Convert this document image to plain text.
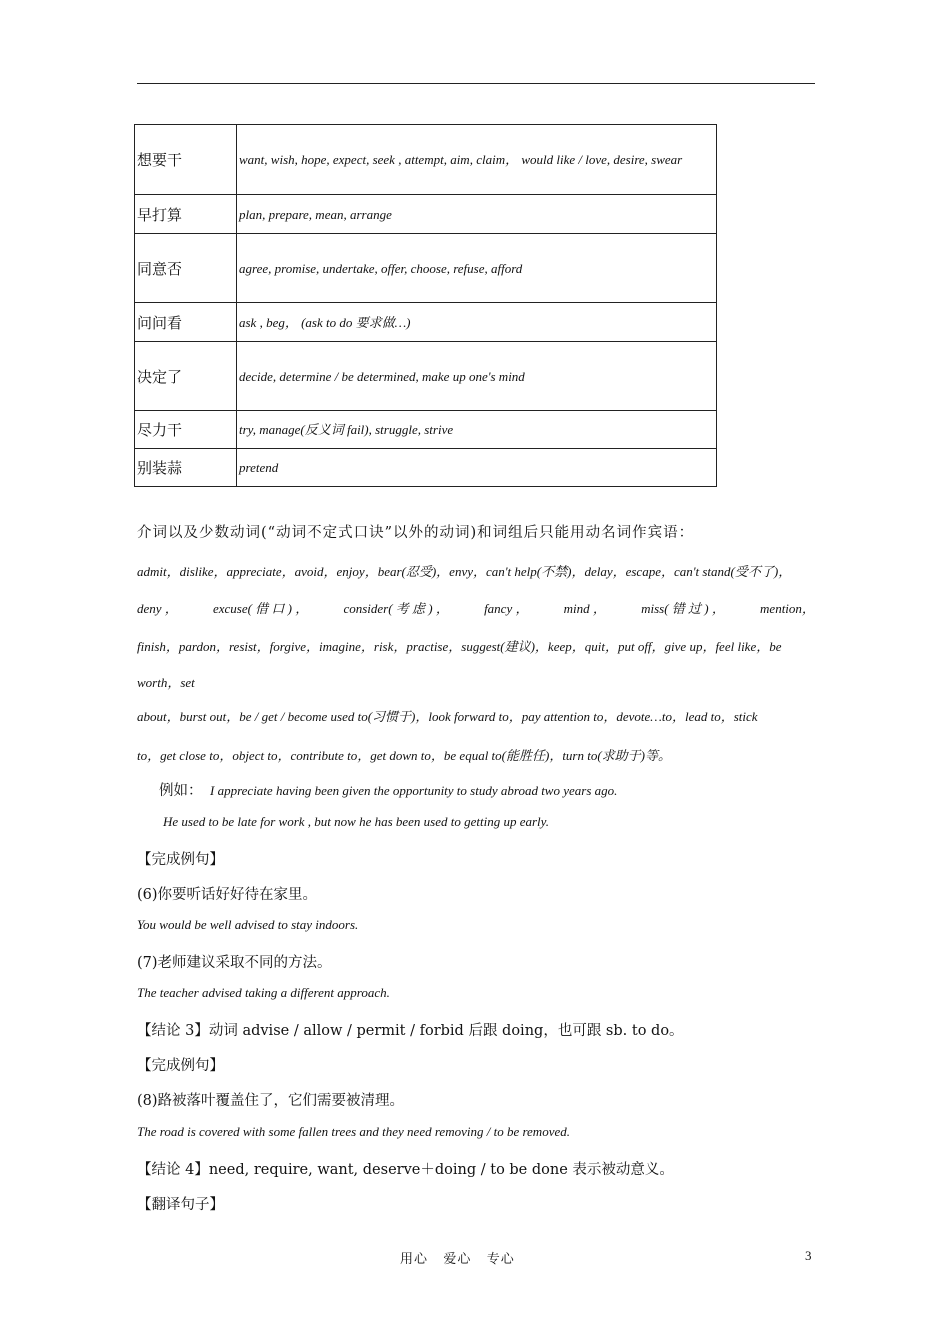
想要干	want, wish, hope, expect, seek , attempt, aim, claim， would like / love, desire, swear
早打算	plan, prepare, mean, arrange
同意否	agree, promise, undertake, offer, choose, refuse, afford
问问看	ask , beg， (ask to do 要求做…)
决定了	decide, determine / be determined, make up one's mind
尽力干	try, manage(反义词 fail), struggle, strive
别装蒜	pretend
介词以及少数动词(“动词不定式口诀”以外的动词)和词组后只能用动名词作宾语：
admit，dislike，appreciate，avoid，enjoy，bear(忍受)，envy，can't help(不禁)，delay，escape，can't stand(受不了)，
deny ，	excuse( 借 口 ) ，	consider( 考 虑 ) ，	fancy ，	mind ，	miss( 错 过 ) ，	mention，
finish，pardon，resist，forgive，imagine，risk，practise，suggest(建议)，keep，quit，put off，give up，feel like，be
worth，set
about，burst out，be / get / become used to(习惯于)，look forward to，pay attention to，devote…to，lead to，stick
to，get close to，object to，contribute to，get down to，be equal to(能胜任)，turn to(求助于)等。
例如： I appreciate having been given the opportunity to study abroad two years ago.
He used to be late for work , but now he has been used to getting up early.
【完成例句】
(6)你要听话好好待在家里。
You would be well advised to stay indoors.
(7)老师建议采取不同的方法。
The teacher advised taking a different approach.
【结论 3】动词 advise / allow / permit / forbid 后跟 doing，也可跟 sb. to do。
【完成例句】
(8)路被落叶覆盖住了，它们需要被清理。
The road is covered with some fallen trees and they need removing / to be removed.
【结论 4】need, require, want, deserve＋doing / to be done 表示被动意义。
【翻译句子】
用心   爱心   专心	3
